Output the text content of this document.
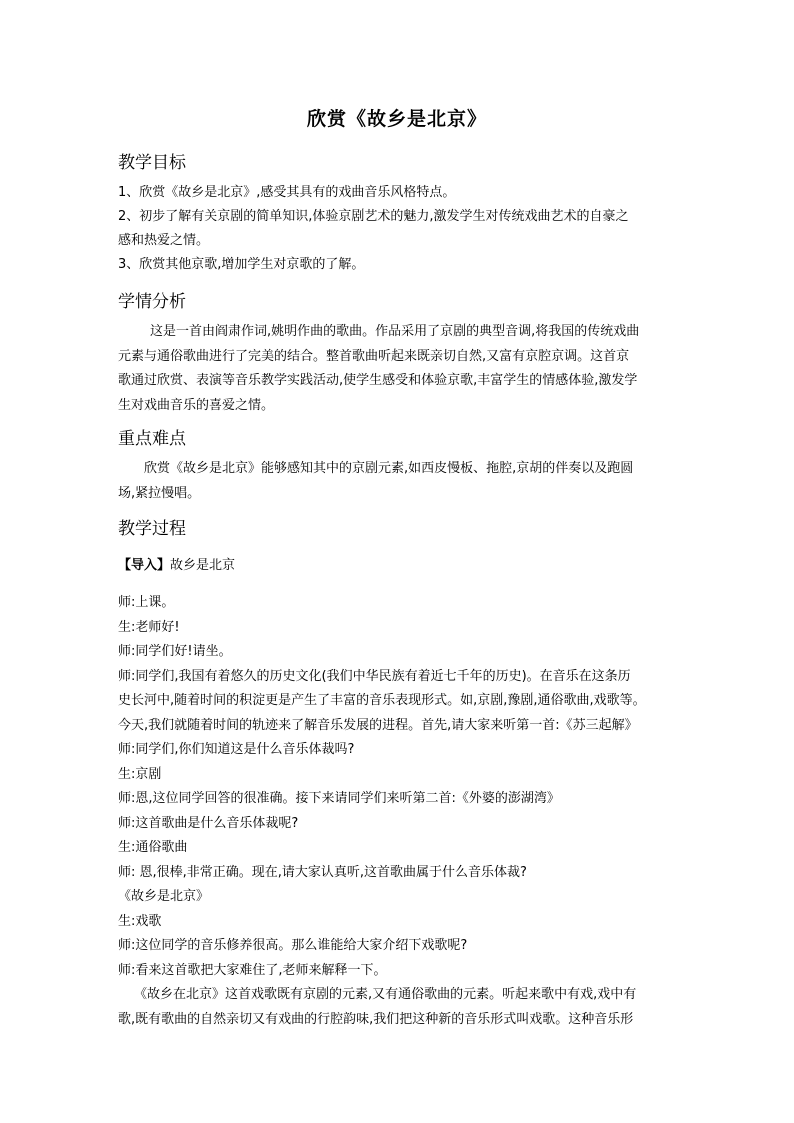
欣赏《故乡是北京》
教学目标
1、欣赏《故乡是北京》,感受其具有的戏曲音乐风格特点。
2、初步了解有关京剧的简单知识,体验京剧艺术的魅力,激发学生对传统戏曲艺术的自豪之
感和热爱之情。
3、欣赏其他京歌,增加学生对京歌的了解。
学情分析
这是一首由阎肃作词,姚明作曲的歌曲。作品采用了京剧的典型音调,将我国的传统戏曲
元素与通俗歌曲进行了完美的结合。整首歌曲听起来既亲切自然,又富有京腔京调。这首京
歌通过欣赏、表演等音乐教学实践活动,使学生感受和体验京歌,丰富学生的情感体验,激发学
生对戏曲音乐的喜爱之情。
重点难点
欣赏《故乡是北京》能够感知其中的京剧元素,如西皮慢板、拖腔,京胡的伴奏以及跑圆
场,紧拉慢唱。
教学过程
【导入】故乡是北京
师:上课。
生:老师好!
师:同学们好!请坐。
师:同学们,我国有着悠久的历史文化(我们中华民族有着近七千年的历史)。在音乐在这条历
史长河中,随着时间的积淀更是产生了丰富的音乐表现形式。如,京剧,豫剧,通俗歌曲,戏歌等。
今天,我们就随着时间的轨迹来了解音乐发展的进程。首先,请大家来听第一首:《苏三起解》
师:同学们,你们知道这是什么音乐体裁吗?
生:京剧
师:恩,这位同学回答的很准确。接下来请同学们来听第二首:《外婆的澎湖湾》
师:这首歌曲是什么音乐体裁呢?
生:通俗歌曲
师: 恩,很棒,非常正确。现在,请大家认真听,这首歌曲属于什么音乐体裁?
《故乡是北京》
生:戏歌
师:这位同学的音乐修养很高。那么谁能给大家介绍下戏歌呢?
师:看来这首歌把大家难住了,老师来解释一下。
《故乡在北京》这首戏歌既有京剧的元素,又有通俗歌曲的元素。听起来歌中有戏,戏中有
歌,既有歌曲的自然亲切又有戏曲的行腔韵味,我们把这种新的音乐形式叫戏歌。这种音乐形
